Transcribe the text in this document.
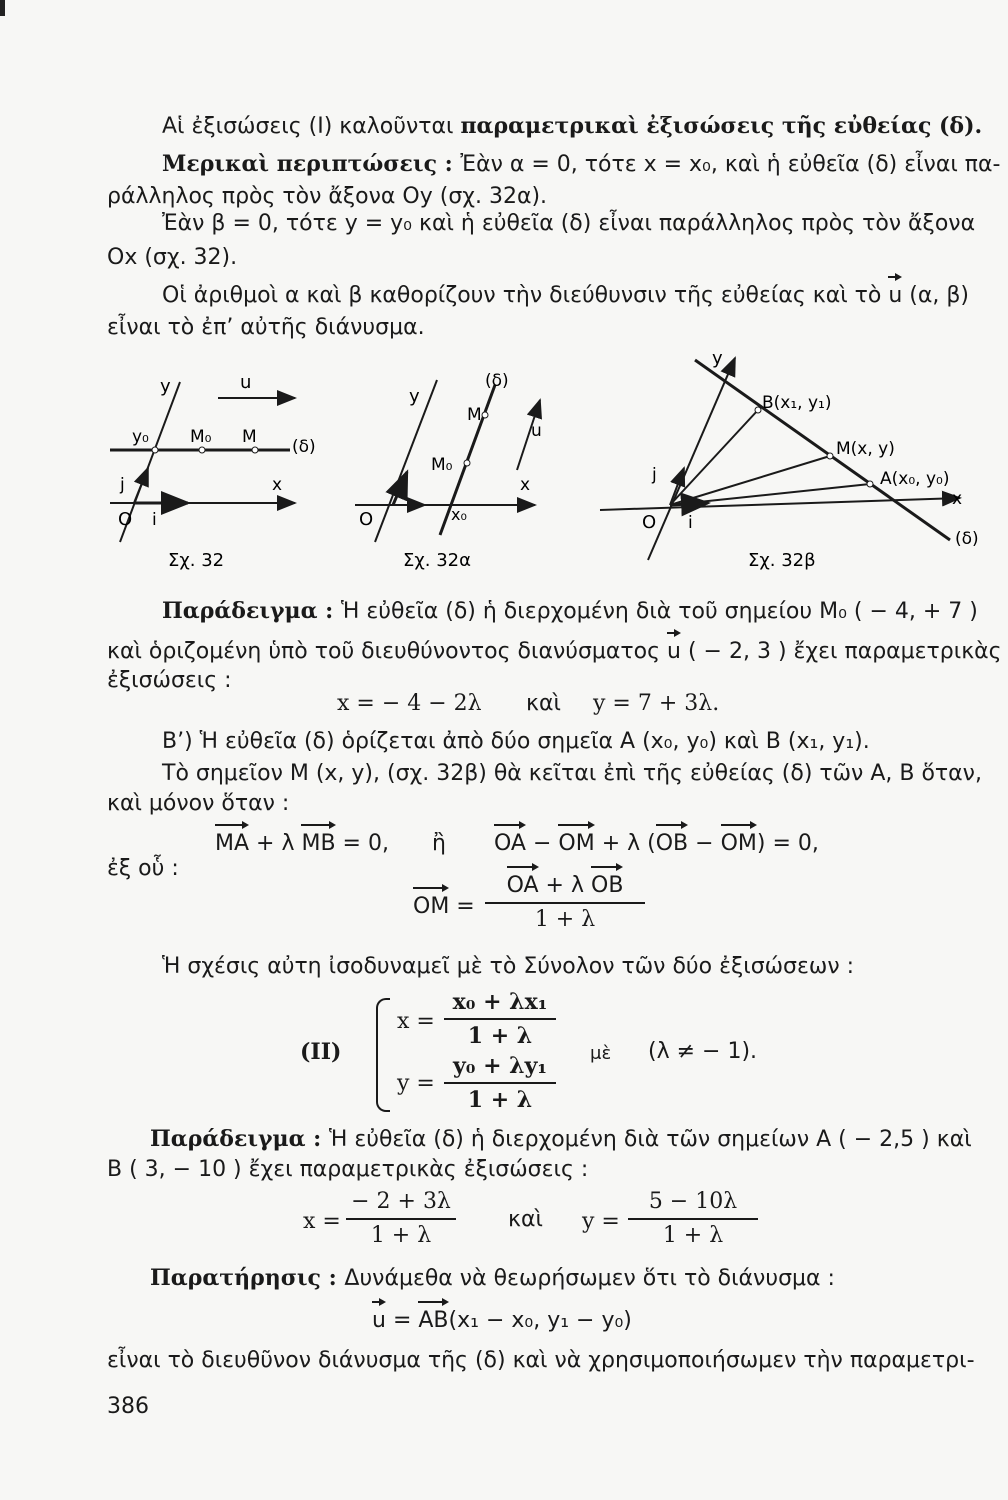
Αἱ ἐξισώσεις (Ι) καλοῦνται παραμετρικαὶ ἐξισώσεις τῆς εὐθείας (δ).
Μερικαὶ περιπτώσεις : Ἐὰν α = 0, τότε x = x₀, καὶ ἡ εὐθεῖα (δ) εἶναι πα-
ράλληλος πρὸς τὸν ἄξονα Oy (σχ. 32α).
Ἐὰν β = 0, τότε y = y₀ καὶ ἡ εὐθεῖα (δ) εἶναι παράλληλος πρὸς τὸν ἄξονα
Ox (σχ. 32).
Οἱ ἀριθμοὶ α καὶ β καθορίζουν τὴν διεύθυνσιν τῆς εὐθείας καὶ τὸ u (α, β)
εἶναι τὸ ἐπ’ αὐτῆς διάνυσμα.
y	u
y₀ M₀ M (δ)
j	x
O i
Σχ. 32
y
(δ)
M
u
M₀
x
O	x₀
Σχ. 32α
y
B(x₁, y₁)
M(x, y)
A(x₀, y₀)
x
j
O i
(δ)
Σχ. 32β
Παράδειγμα : Ἡ εὐθεῖα (δ) ἡ διερχομένη διὰ τοῦ σημείου M₀ ( − 4, + 7 )
καὶ ὁριζομένη ὑπὸ τοῦ διευθύνοντος διανύσματος u ( − 2, 3 ) ἔχει παραμετρικὰς
ἐξισώσεις :
x = − 4 − 2λ καὶ y = 7 + 3λ.
Β’) Ἡ εὐθεῖα (δ) ὁρίζεται ἀπὸ δύο σημεῖα A (x₀, y₀) καὶ B (x₁, y₁).
Τὸ σημεῖον M (x, y), (σχ. 32β) θὰ κεῖται ἐπὶ τῆς εὐθείας (δ) τῶν A, B ὅταν,
καὶ μόνον ὅταν :
MA + λ MB = 0, ἢ OA − OM + λ (OB − OM) = 0,
ἐξ οὗ :
OM =
OA + λ OB
1 + λ
Ἡ σχέσις αὐτη ἰσοδυναμεῖ μὲ τὸ Σύνολον τῶν δύο ἐξισώσεων :
(ΙΙ)
x =
x₀ + λx₁
1 + λ
y =
y₀ + λy₁
1 + λ
μὲ (λ ≠ − 1).
Παράδειγμα : Ἡ εὐθεῖα (δ) ἡ διερχομένη διὰ τῶν σημείων A ( − 2,5 ) καὶ
B ( 3, − 10 ) ἔχει παραμετρικὰς ἐξισώσεις :
x =
− 2 + 3λ
1 + λ
καὶ y =
5 − 10λ
1 + λ
Παρατήρησις : Δυνάμεθα νὰ θεωρήσωμεν ὅτι τὸ διάνυσμα :
u = AB(x₁ − x₀, y₁ − y₀)
εἶναι τὸ διευθῦνον διάνυσμα τῆς (δ) καὶ νὰ χρησιμοποιήσωμεν τὴν παραμετρι-
386
